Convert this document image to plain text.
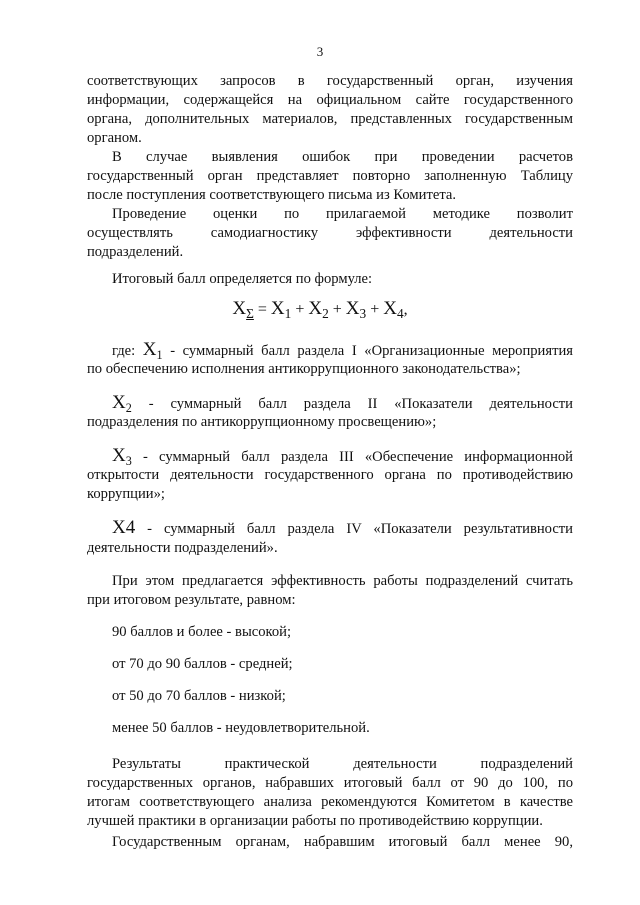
3
соответствующих запросов в государственный орган, изучения
информации, содержащейся на официальном сайте государственного
органа, дополнительных материалов, представленных государственным
органом.
В случае выявления ошибок при проведении расчетов
государственный орган представляет повторно заполненную Таблицу
после поступления соответствующего письма из Комитета.
Проведение оценки по прилагаемой методике позволит
осуществлять самодиагностику эффективности деятельности
подразделений.
Итоговый балл определяется по формуле:
$X_\Sigma = X_1 + X_2 + X_3 + X_4$,
где: $X_1$ - суммарный балл раздела I «Организационные мероприятия
по обеспечению исполнения антикоррупционного законодательства»;
$X_2$ - суммарный балл раздела II «Показатели деятельности
подразделения по антикоррупционному просвещению»;
$X_3$ - суммарный балл раздела III «Обеспечение информационной
открытости деятельности государственного органа по противодействию
коррупции»;
X4 - суммарный балл раздела IV «Показатели результативности
деятельности подразделений».
При этом предлагается эффективность работы подразделений считать
при итоговом результате, равном:
90 баллов и более - высокой;
от 70 до 90 баллов - средней;
от 50 до 70 баллов - низкой;
менее 50 баллов - неудовлетворительной.
Результаты практической деятельности подразделений
государственных органов, набравших итоговый балл от 90 до 100, по
итогам соответствующего анализа рекомендуются Комитетом в качестве
лучшей практики в организации работы по противодействию коррупции.
Государственным органам, набравшим итоговый балл менее 90,
